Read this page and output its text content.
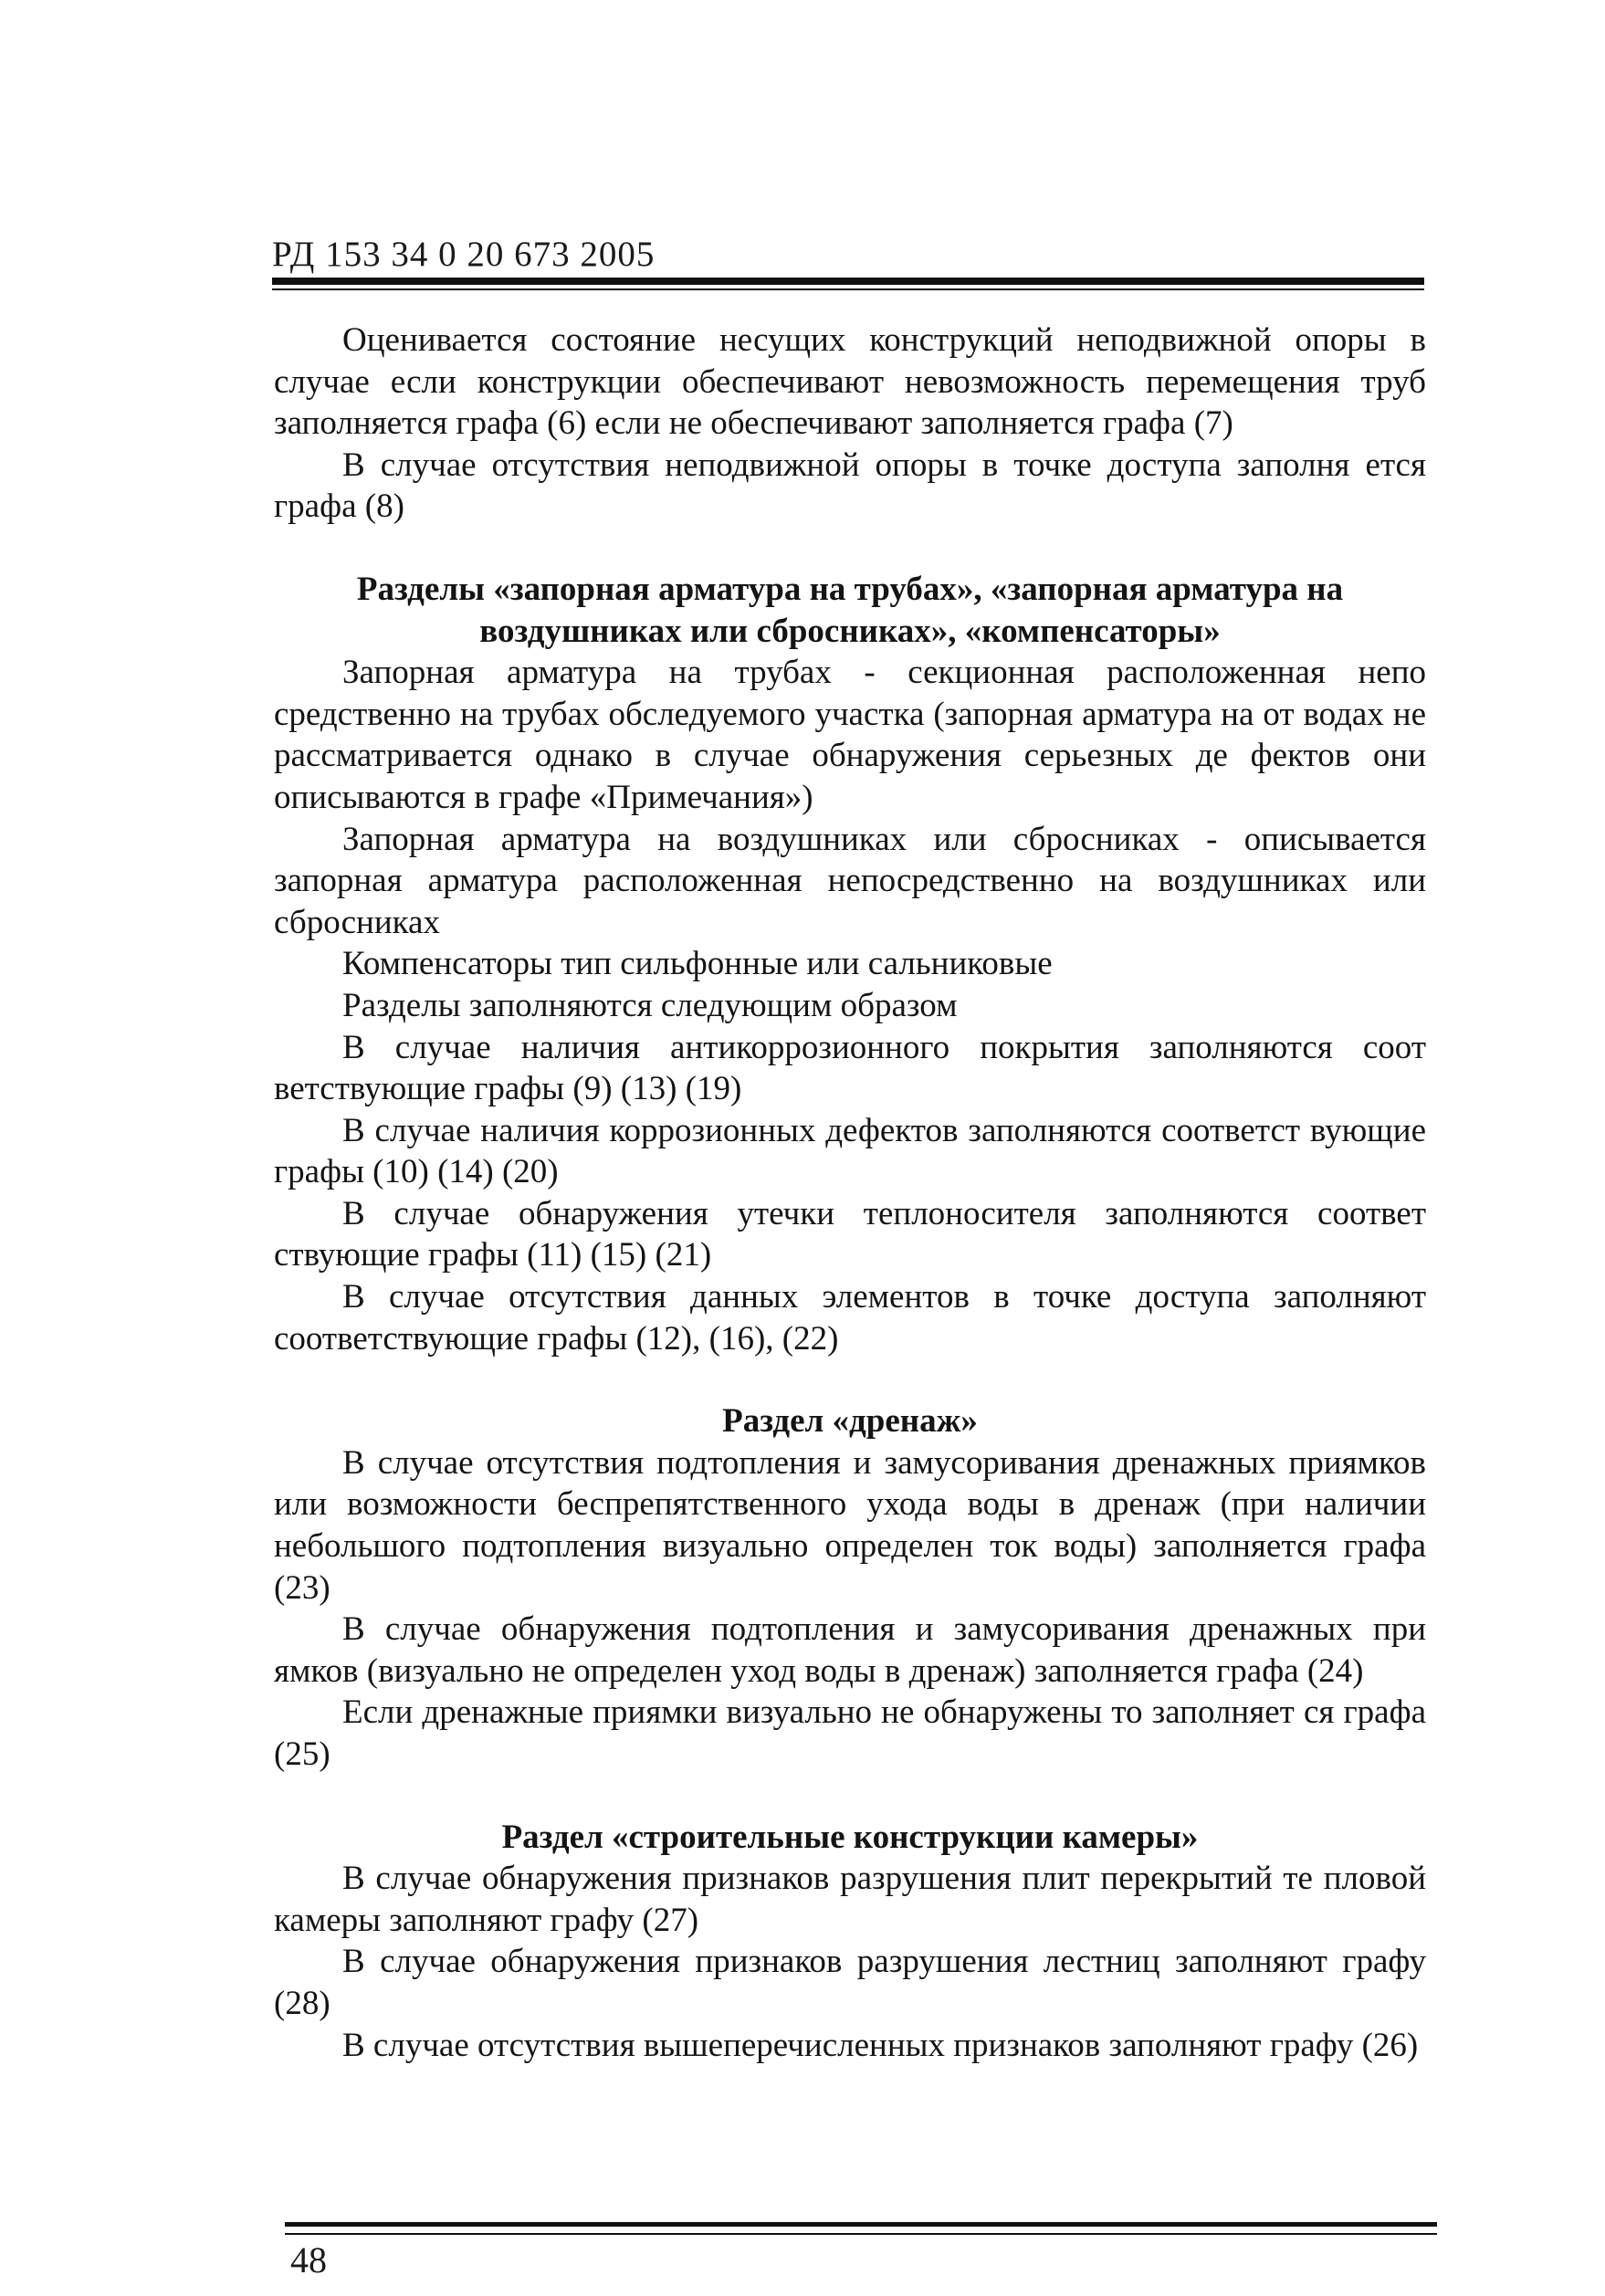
РД 153 34 0 20 673 2005

Оценивается состояние несущих конструкций неподвижной опоры в случае если конструкции обеспечивают невозможность перемещения труб заполняется графа (6) если не обеспечивают заполняется графа (7)

В случае отсутствия неподвижной опоры в точке доступа заполня ется графа (8)

Разделы «запорная арматура на трубах», «запорная арматура на

воздушниках или сбросниках», «компенсаторы»

Запорная арматура на трубах - секционная расположенная непо средственно на трубах обследуемого участка (запорная арматура на от водах не рассматривается однако в случае обнаружения серьезных де фектов они описываются в графе «Примечания»)

Запорная арматура на воздушниках или сбросниках - описывается запорная арматура расположенная непосредственно на воздушниках или сбросниках

Компенсаторы тип сильфонные или сальниковые

Разделы заполняются следующим образом

В случае наличия антикоррозионного покрытия заполняются соот ветствующие графы (9) (13) (19)

В случае наличия коррозионных дефектов заполняются соответст вующие графы (10) (14) (20)

В случае обнаружения утечки теплоносителя заполняются соответ ствующие графы (11) (15) (21)

В случае отсутствия данных элементов в точке доступа заполняют соответствующие графы (12), (16), (22)

Раздел «дренаж»

В случае отсутствия подтопления и замусоривания дренажных приямков или возможности беспрепятственного ухода воды в дренаж (при наличии небольшого подтопления визуально определен ток воды) заполняется графа (23)

В случае обнаружения подтопления и замусоривания дренажных при ямков (визуально не определен уход воды в дренаж) заполняется графа (24)

Если дренажные приямки визуально не обнаружены то заполняет ся графа (25)

Раздел «строительные конструкции камеры»

В случае обнаружения признаков разрушения плит перекрытий те пловой камеры заполняют графу (27)

В случае обнаружения признаков разрушения лестниц заполняют графу (28)

В случае отсутствия вышеперечисленных признаков заполняют графу (26)

48
